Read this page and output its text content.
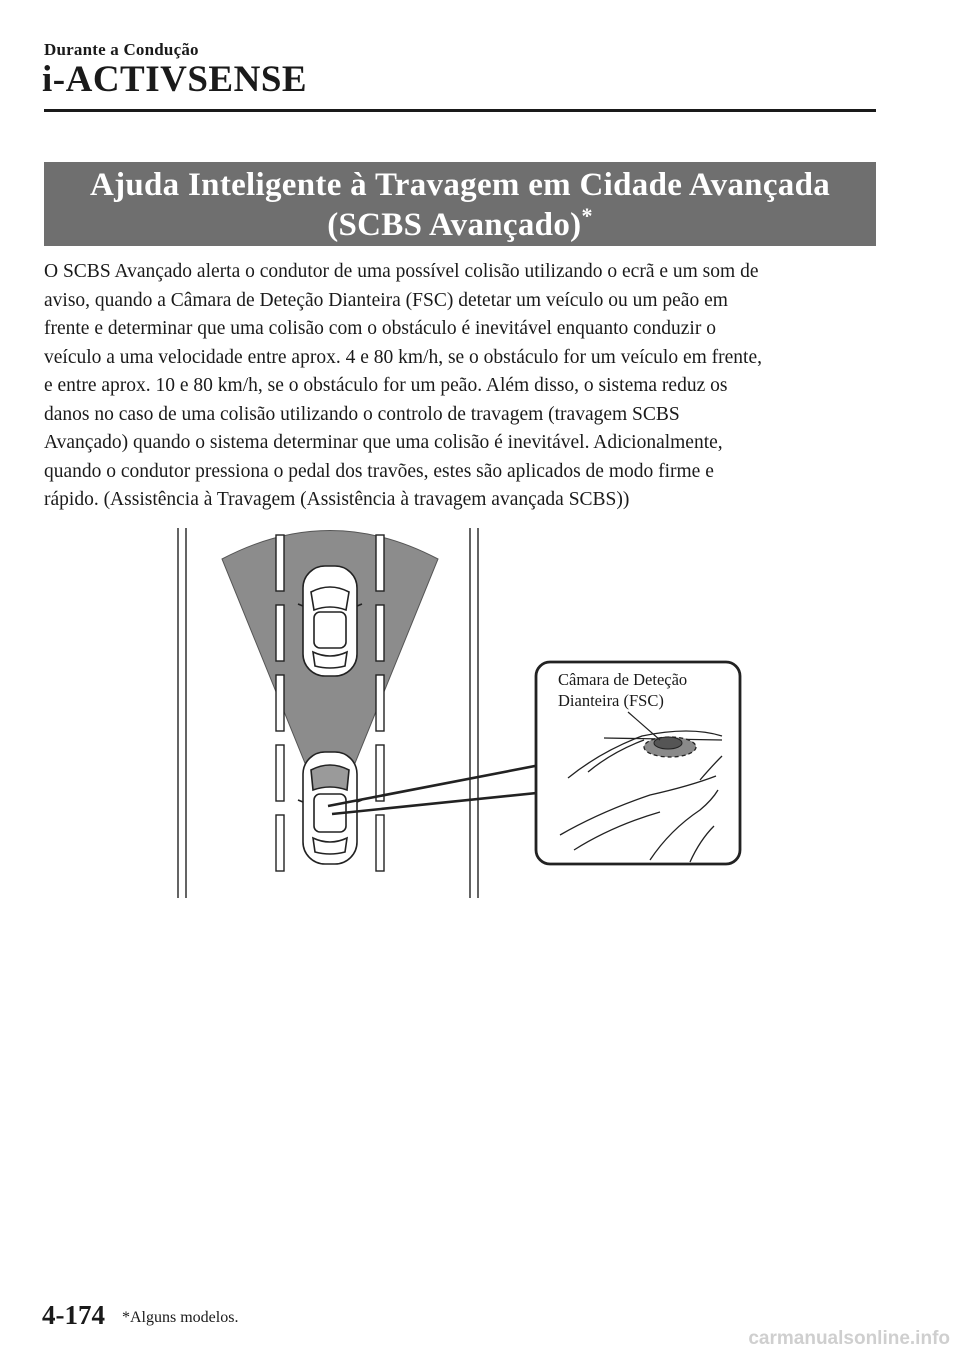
Durante a Condução
i-ACTIVSENSE
Ajuda Inteligente à Travagem em Cidade Avançada
(SCBS Avançado)*

O SCBS Avançado alerta o condutor de uma possível colisão utilizando o ecrã e um som de
aviso, quando a Câmara de Deteção Dianteira (FSC) detetar um veículo ou um peão em
frente e determinar que uma colisão com o obstáculo é inevitável enquanto conduzir o
veículo a uma velocidade entre aprox. 4 e 80 km/h, se o obstáculo for um veículo em frente,
e entre aprox. 10 e 80 km/h, se o obstáculo for um peão. Além disso, o sistema reduz os
danos no caso de uma colisão utilizando o controlo de travagem (travagem SCBS
Avançado) quando o sistema determinar que uma colisão é inevitável. Adicionalmente,
quando o condutor pressiona o pedal dos travões, estes são aplicados de modo firme e
rápido. (Assistência à Travagem (Assistência à travagem avançada SCBS))

Câmara de Deteção
Dianteira (FSC)
4-174 *Alguns modelos.
carmanualsonline.info
